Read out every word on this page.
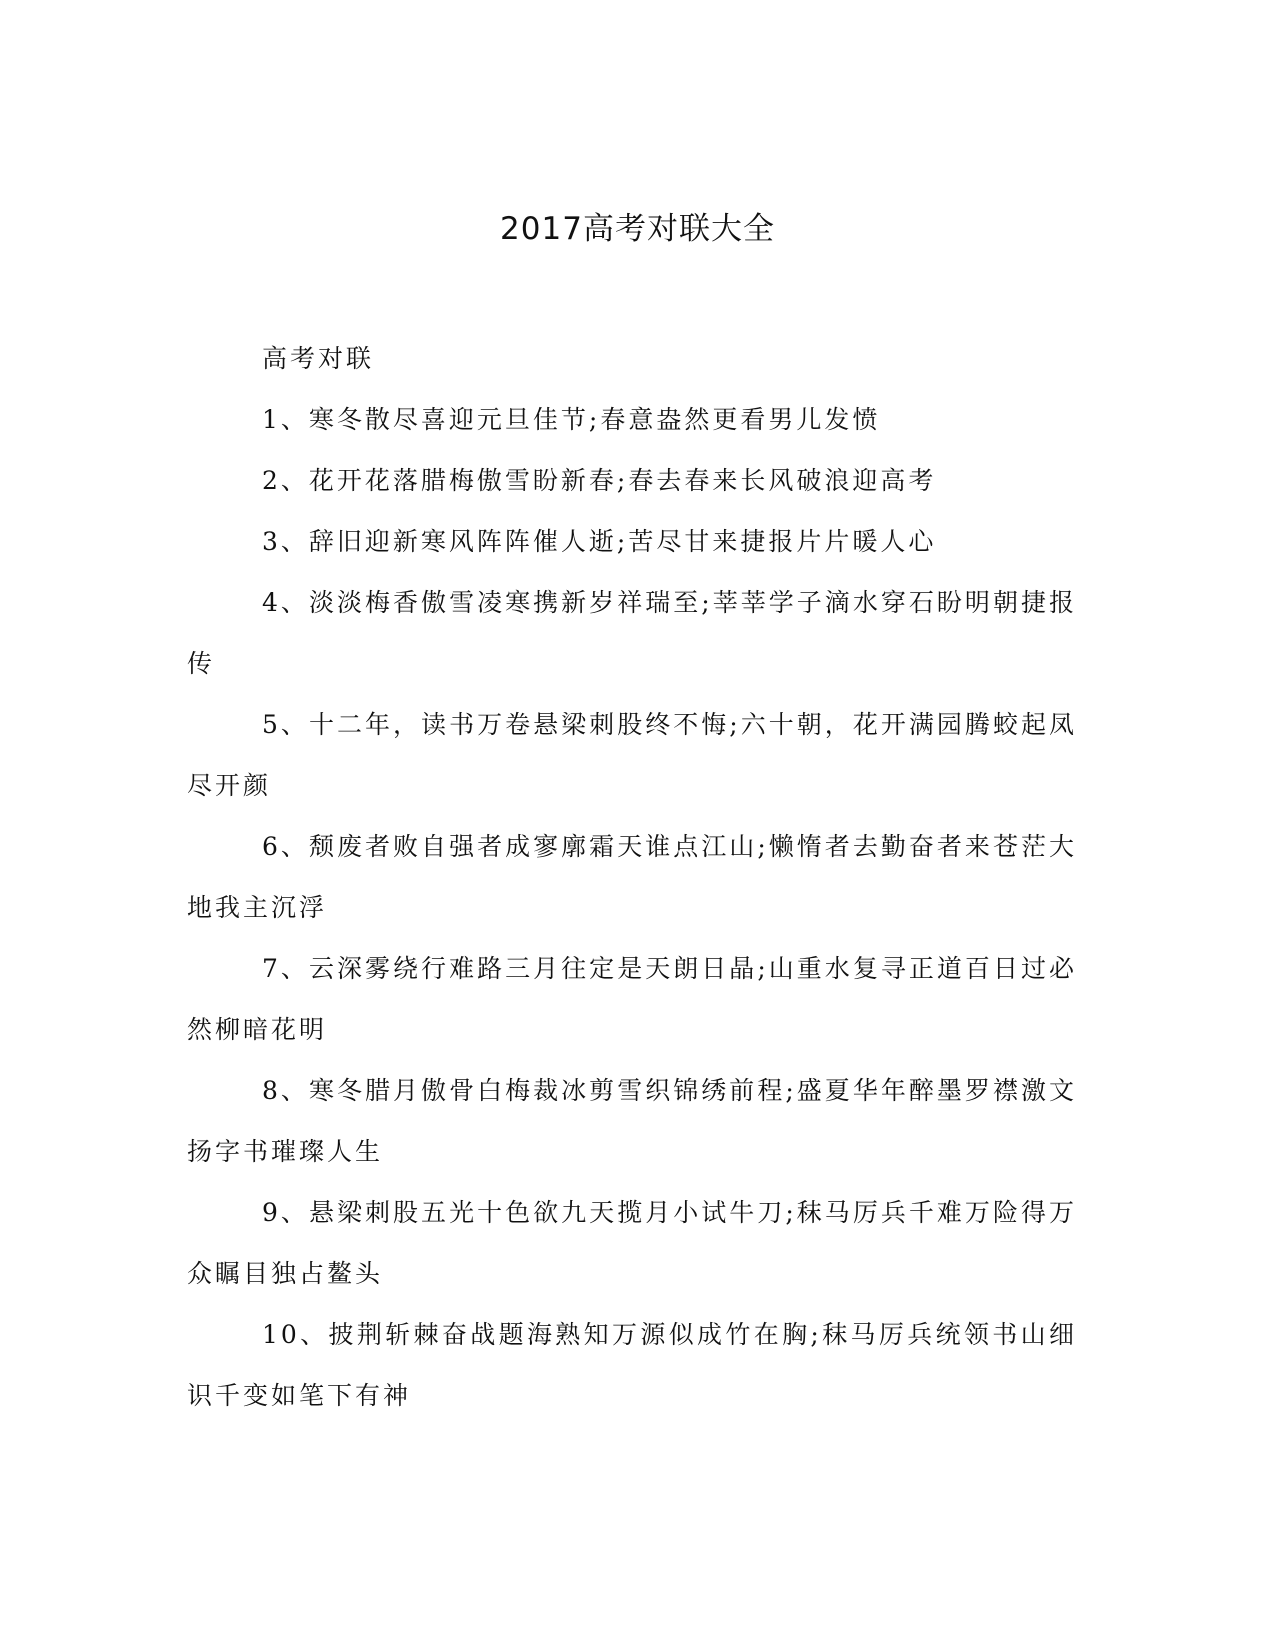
2017高考对联大全

高考对联

1、寒冬散尽喜迎元旦佳节;春意盎然更看男儿发愤

2、花开花落腊梅傲雪盼新春;春去春来长风破浪迎高考

3、辞旧迎新寒风阵阵催人逝;苦尽甘来捷报片片暖人心

4、淡淡梅香傲雪凌寒携新岁祥瑞至;莘莘学子滴水穿石盼明朝捷报传

5、十二年，读书万卷悬梁刺股终不悔;六十朝，花开满园腾蛟起凤尽开颜

6、颓废者败自强者成寥廓霜天谁点江山;懒惰者去勤奋者来苍茫大地我主沉浮

7、云深雾绕行难路三月往定是天朗日晶;山重水复寻正道百日过必然柳暗花明

8、寒冬腊月傲骨白梅裁冰剪雪织锦绣前程;盛夏华年醉墨罗襟激文扬字书璀璨人生

9、悬梁刺股五光十色欲九天揽月小试牛刀;秣马厉兵千难万险得万众瞩目独占鳌头

10、披荆斩棘奋战题海熟知万源似成竹在胸;秣马厉兵统领书山细识千变如笔下有神
